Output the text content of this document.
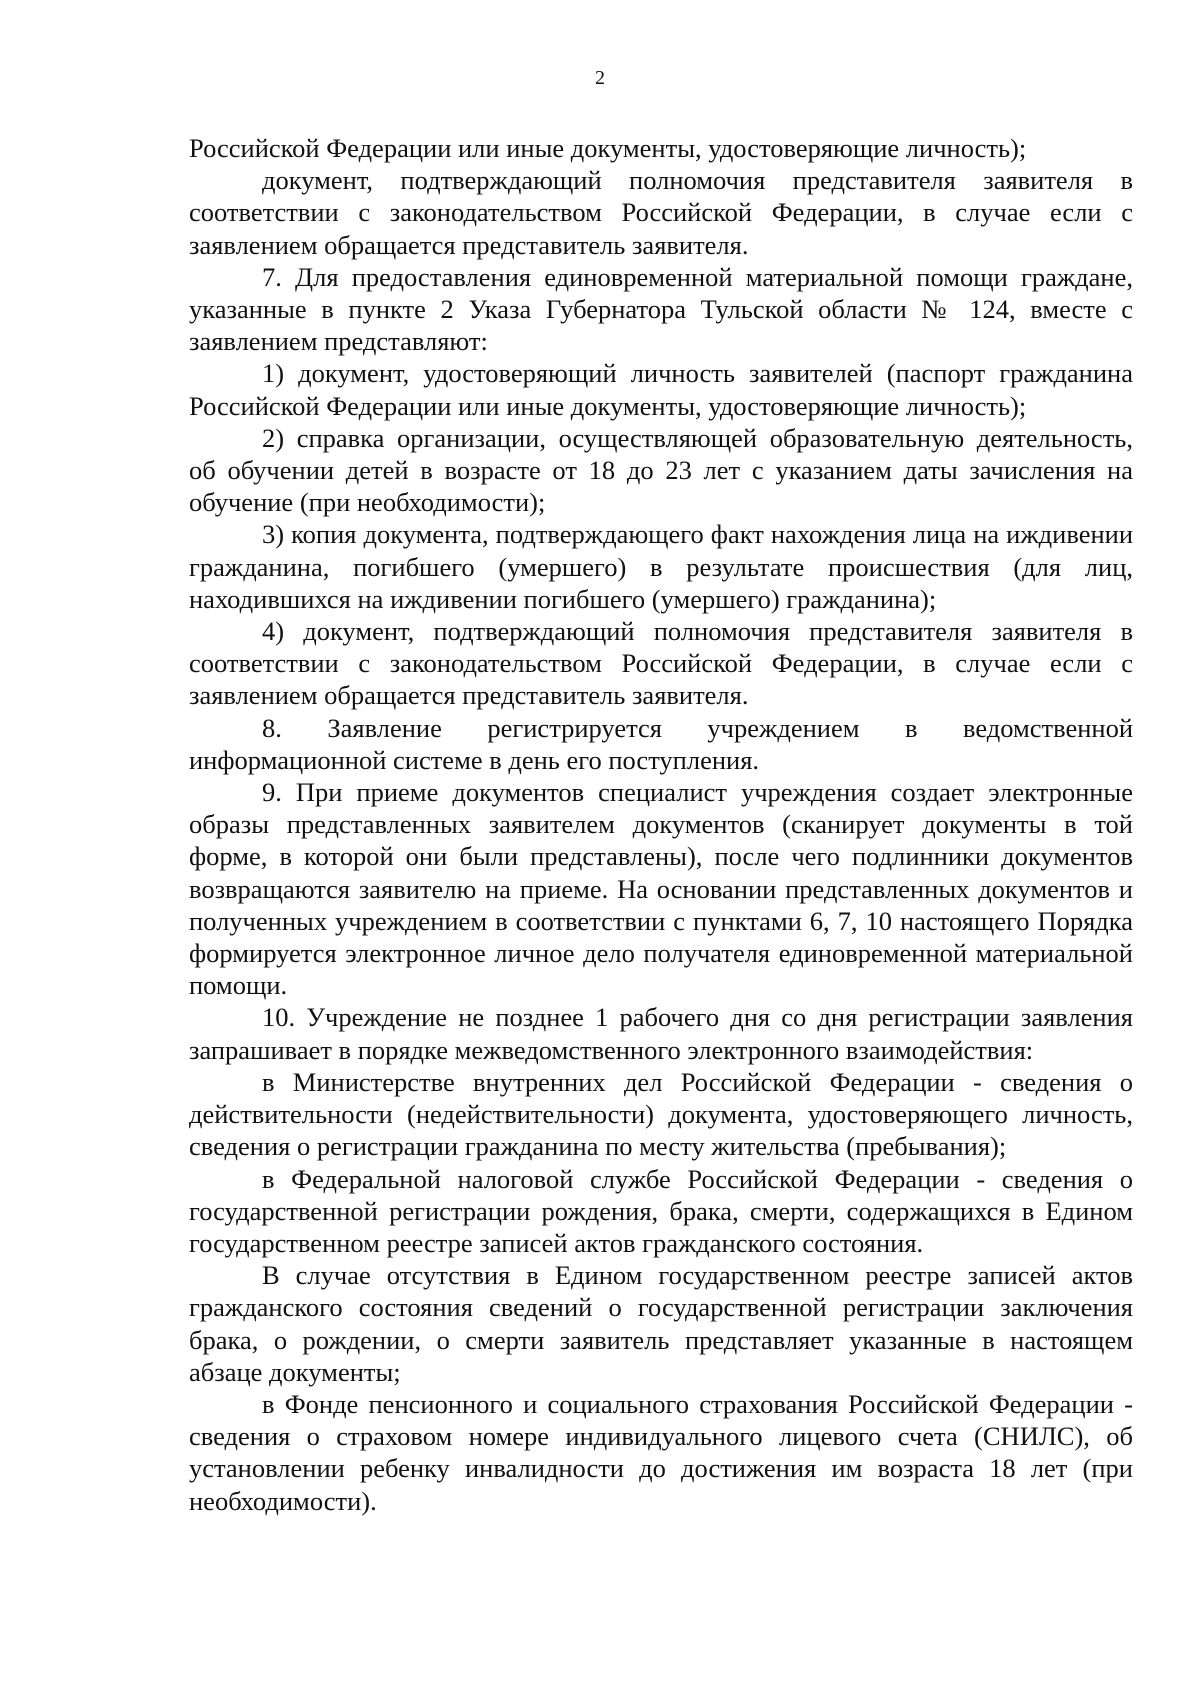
2

Российской Федерации или иные документы, удостоверяющие личность);

документ, подтверждающий полномочия представителя заявителя в соответствии с законодательством Российской Федерации, в случае если с заявлением обращается представитель заявителя.

7. Для предоставления единовременной материальной помощи граждане, указанные в пункте 2 Указа Губернатора Тульской области № 124, вместе с заявлением представляют:

1) документ, удостоверяющий личность заявителей (паспорт гражданина Российской Федерации или иные документы, удостоверяющие личность);

2) справка организации, осуществляющей образовательную деятельность, об обучении детей в возрасте от 18 до 23 лет с указанием даты зачисления на обучение (при необходимости);

3) копия документа, подтверждающего факт нахождения лица на иждивении гражданина, погибшего (умершего) в результате происшествия (для лиц, находившихся на иждивении погибшего (умершего) гражданина);

4) документ, подтверждающий полномочия представителя заявителя в соответствии с законодательством Российской Федерации, в случае если с заявлением обращается представитель заявителя.

8. Заявление регистрируется учреждением в ведомственной информационной системе в день его поступления.

9. При приеме документов специалист учреждения создает электронные образы представленных заявителем документов (сканирует документы в той форме, в которой они были представлены), после чего подлинники документов возвращаются заявителю на приеме. На основании представленных документов и полученных учреждением в соответствии с пунктами 6, 7, 10 настоящего Порядка формируется электронное личное дело получателя единовременной материальной помощи.

10. Учреждение не позднее 1 рабочего дня со дня регистрации заявления запрашивает в порядке межведомственного электронного взаимодействия:

в Министерстве внутренних дел Российской Федерации - сведения о действительности (недействительности) документа, удостоверяющего личность, сведения о регистрации гражданина по месту жительства (пребывания);

в Федеральной налоговой службе Российской Федерации - сведения о государственной регистрации рождения, брака, смерти, содержащихся в Едином государственном реестре записей актов гражданского состояния.

В случае отсутствия в Едином государственном реестре записей актов гражданского состояния сведений о государственной регистрации заключения брака, о рождении, о смерти заявитель представляет указанные в настоящем абзаце документы;

в Фонде пенсионного и социального страхования Российской Федерации - сведения о страховом номере индивидуального лицевого счета (СНИЛС), об установлении ребенку инвалидности до достижения им возраста 18 лет (при необходимости).
